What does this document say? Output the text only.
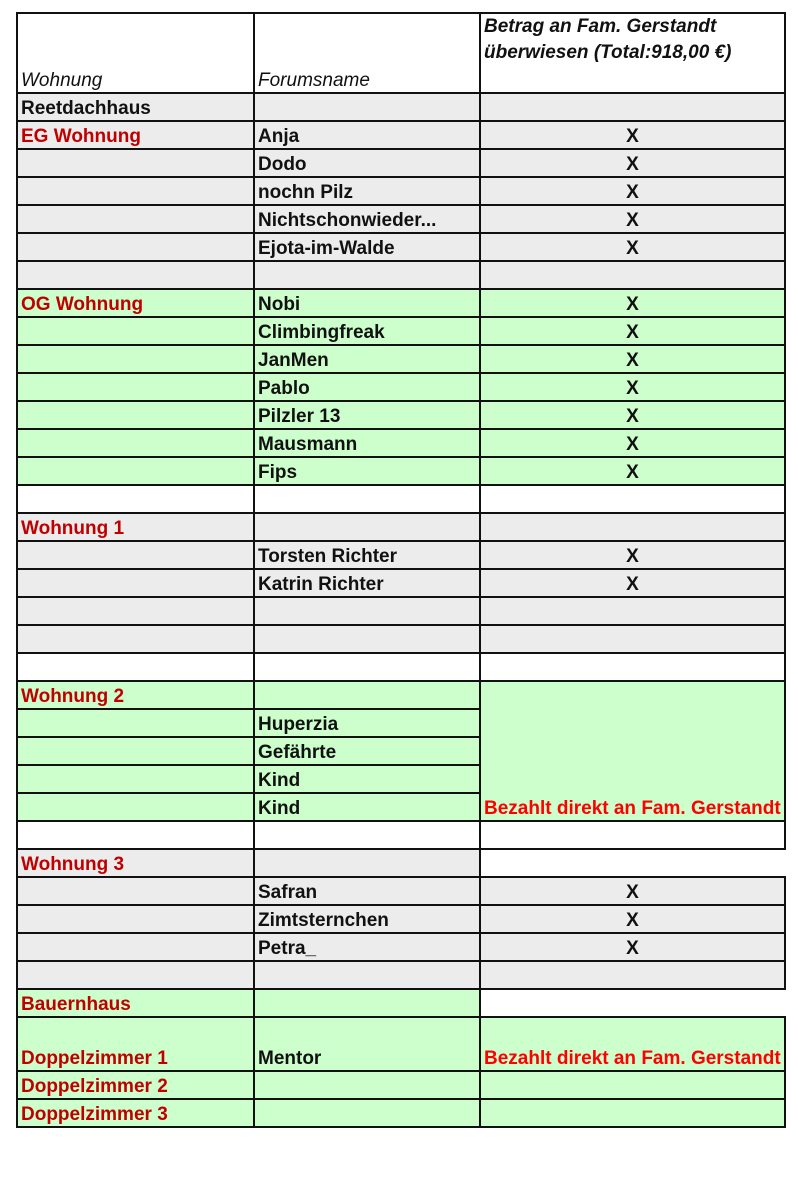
Wohnung	Forumsname	Betrag an Fam. Gerstandt überwiesen (Total:918,00 €)
Reetdachhaus		
EG Wohnung	Anja	X
	Dodo	X
	nochn Pilz	X
	Nichtschonwieder...	X
	Ejota-im-Walde	X

OG Wohnung	Nobi	X
	Climbingfreak	X
	JanMen	X
	Pablo	X
	Pilzler 13	X
	Mausmann	X
	Fips	X

Wohnung 1		
	Torsten Richter	X
	Katrin Richter	X

Wohnung 2		Bezahlt direkt an Fam. Gerstandt
	Huperzia	
	Gefährte	
	Kind	
	Kind	

Wohnung 3		
	Safran	X
	Zimtsternchen	X
	Petra_	X

Bauernhaus		
Doppelzimmer 1	Mentor	Bezahlt direkt an Fam. Gerstandt
Doppelzimmer 2		
Doppelzimmer 3		
